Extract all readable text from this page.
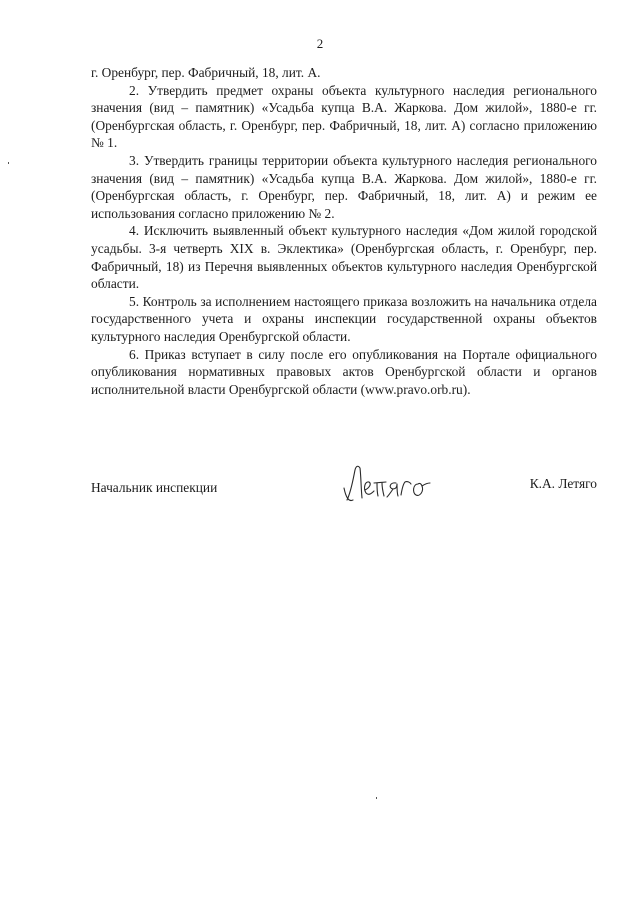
2

г. Оренбург, пер. Фабричный, 18, лит. А.

2. Утвердить предмет охраны объекта культурного наследия регионального значения (вид – памятник) «Усадьба купца В.А. Жаркова. Дом жилой», 1880-е гг. (Оренбургская область, г. Оренбург, пер. Фабричный, 18, лит. А) согласно приложению № 1.

3. Утвердить границы территории объекта культурного наследия регионального значения (вид – памятник) «Усадьба купца В.А. Жаркова. Дом жилой», 1880-е гг. (Оренбургская область, г. Оренбург, пер. Фабричный, 18, лит. А) и режим ее использования согласно приложению № 2.

4. Исключить выявленный объект культурного наследия «Дом жилой городской усадьбы. 3-я четверть XIX в. Эклектика» (Оренбургская область, г. Оренбург, пер. Фабричный, 18) из Перечня выявленных объектов культурного наследия Оренбургской области.

5. Контроль за исполнением настоящего приказа возложить на начальника отдела государственного учета и охраны инспекции государственной охраны объектов культурного наследия Оренбургской области.

6. Приказ вступает в силу после его опубликования на Портале официального опубликования нормативных правовых актов Оренбургской области и органов исполнительной власти Оренбургской области (www.pravo.orb.ru).

Начальник инспекции	К.А. Летяго
